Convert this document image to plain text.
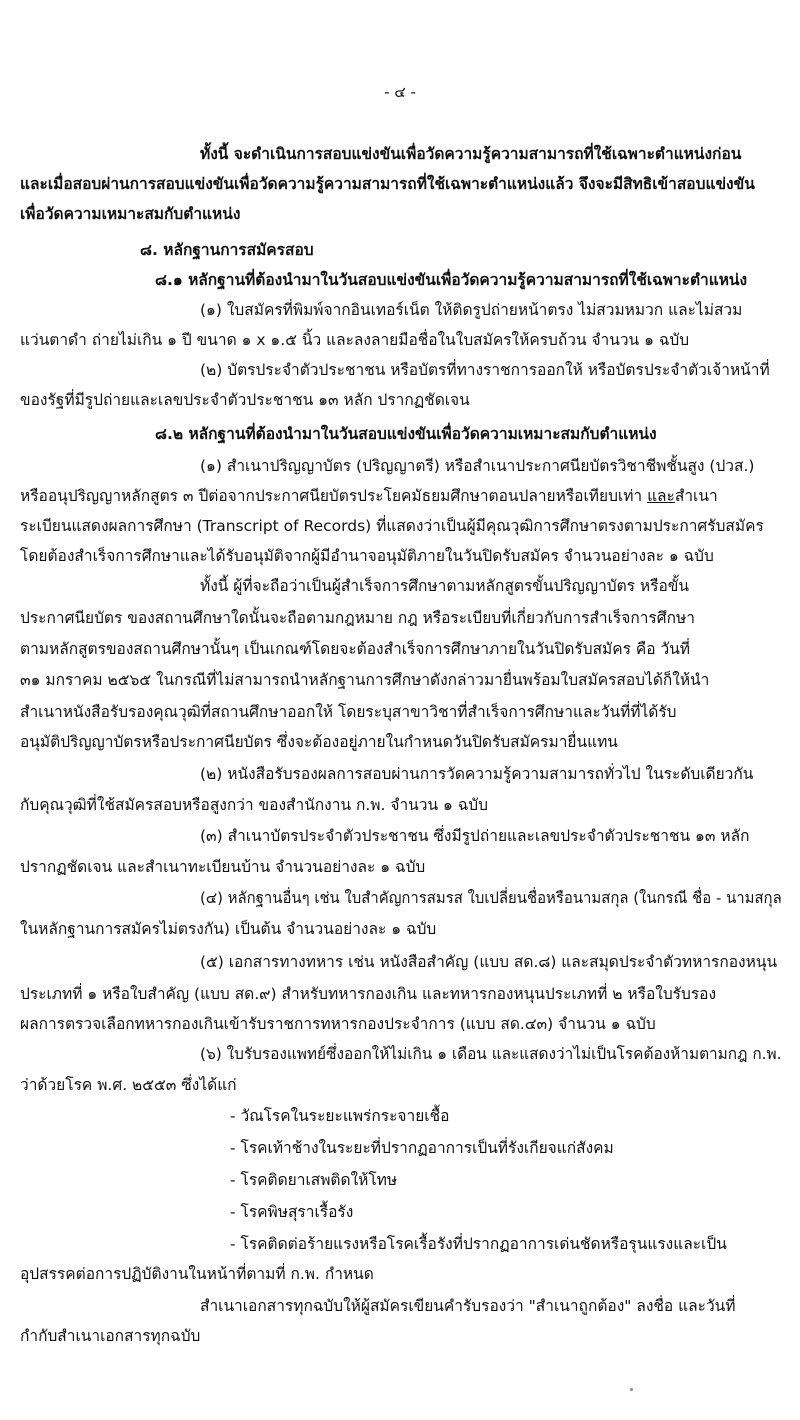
- ๔ -
ทั้งนี้ จะดำเนินการสอบแข่งขันเพื่อวัดความรู้ความสามารถที่ใช้เฉพาะตำแหน่งก่อน
และเมื่อสอบผ่านการสอบแข่งขันเพื่อวัดความรู้ความสามารถที่ใช้เฉพาะตำแหน่งแล้ว จึงจะมีสิทธิเข้าสอบแข่งขัน
เพื่อวัดความเหมาะสมกับตำแหน่ง
๘. หลักฐานการสมัครสอบ
๘.๑ หลักฐานที่ต้องนำมาในวันสอบแข่งขันเพื่อวัดความรู้ความสามารถที่ใช้เฉพาะตำแหน่ง
(๑) ใบสมัครที่พิมพ์จากอินเทอร์เน็ต ให้ติดรูปถ่ายหน้าตรง ไม่สวมหมวก และไม่สวม
แว่นตาดำ ถ่ายไม่เกิน ๑ ปี ขนาด ๑ x ๑.๕ นิ้ว และลงลายมือชื่อในใบสมัครให้ครบถ้วน จำนวน ๑ ฉบับ
(๒) บัตรประจำตัวประชาชน หรือบัตรที่ทางราชการออกให้ หรือบัตรประจำตัวเจ้าหน้าที่
ของรัฐที่มีรูปถ่ายและเลขประจำตัวประชาชน ๑๓ หลัก ปรากฏชัดเจน
๘.๒ หลักฐานที่ต้องนำมาในวันสอบแข่งขันเพื่อวัดความเหมาะสมกับตำแหน่ง
(๑) สำเนาปริญญาบัตร (ปริญญาตรี) หรือสำเนาประกาศนียบัตรวิชาชีพชั้นสูง (ปวส.)
หรืออนุปริญญาหลักสูตร ๓ ปีต่อจากประกาศนียบัตรประโยคมัธยมศึกษาตอนปลายหรือเทียบเท่า และสำเนา
ระเบียนแสดงผลการศึกษา (Transcript of Records) ที่แสดงว่าเป็นผู้มีคุณวุฒิการศึกษาตรงตามประกาศรับสมัคร
โดยต้องสำเร็จการศึกษาและได้รับอนุมัติจากผู้มีอำนาจอนุมัติภายในวันปิดรับสมัคร จำนวนอย่างละ ๑ ฉบับ
ทั้งนี้ ผู้ที่จะถือว่าเป็นผู้สำเร็จการศึกษาตามหลักสูตรขั้นปริญญาบัตร หรือขั้น
ประกาศนียบัตร ของสถานศึกษาใดนั้นจะถือตามกฎหมาย กฎ หรือระเบียบที่เกี่ยวกับการสำเร็จการศึกษา
ตามหลักสูตรของสถานศึกษานั้นๆ เป็นเกณฑ์โดยจะต้องสำเร็จการศึกษาภายในวันปิดรับสมัคร คือ วันที่
๓๑ มกราคม ๒๕๖๕ ในกรณีที่ไม่สามารถนำหลักฐานการศึกษาดังกล่าวมายื่นพร้อมใบสมัครสอบได้ก็ให้นำ
สำเนาหนังสือรับรองคุณวุฒิที่สถานศึกษาออกให้ โดยระบุสาขาวิชาที่สำเร็จการศึกษาและวันที่ที่ได้รับ
อนุมัติปริญญาบัตรหรือประกาศนียบัตร ซึ่งจะต้องอยู่ภายในกำหนดวันปิดรับสมัครมายื่นแทน
(๒) หนังสือรับรองผลการสอบผ่านการวัดความรู้ความสามารถทั่วไป ในระดับเดียวกัน
กับคุณวุฒิที่ใช้สมัครสอบหรือสูงกว่า ของสำนักงาน ก.พ. จำนวน ๑ ฉบับ
(๓) สำเนาบัตรประจำตัวประชาชน ซึ่งมีรูปถ่ายและเลขประจำตัวประชาชน ๑๓ หลัก
ปรากฏชัดเจน และสำเนาทะเบียนบ้าน จำนวนอย่างละ ๑ ฉบับ
(๔) หลักฐานอื่นๆ เช่น ใบสำคัญการสมรส ใบเปลี่ยนชื่อหรือนามสกุล (ในกรณี ชื่อ - นามสกุล
ในหลักฐานการสมัครไม่ตรงกัน) เป็นต้น จำนวนอย่างละ ๑ ฉบับ
(๕) เอกสารทางทหาร เช่น หนังสือสำคัญ (แบบ สด.๘) และสมุดประจำตัวทหารกองหนุน
ประเภทที่ ๑ หรือใบสำคัญ (แบบ สด.๙) สำหรับทหารกองเกิน และทหารกองหนุนประเภทที่ ๒ หรือใบรับรอง
ผลการตรวจเลือกทหารกองเกินเข้ารับราชการทหารกองประจำการ (แบบ สด.๔๓) จำนวน ๑ ฉบับ
(๖) ใบรับรองแพทย์ซึ่งออกให้ไม่เกิน ๑ เดือน และแสดงว่าไม่เป็นโรคต้องห้ามตามกฎ ก.พ.
ว่าด้วยโรค พ.ศ. ๒๕๕๓ ซึ่งได้แก่
- วัณโรคในระยะแพร่กระจายเชื้อ
- โรคเท้าช้างในระยะที่ปรากฏอาการเป็นที่รังเกียจแก่สังคม
- โรคติดยาเสพติดให้โทษ
- โรคพิษสุราเรื้อรัง
- โรคติดต่อร้ายแรงหรือโรคเรื้อรังที่ปรากฏอาการเด่นชัดหรือรุนแรงและเป็น
อุปสรรคต่อการปฏิบัติงานในหน้าที่ตามที่ ก.พ. กำหนด
สำเนาเอกสารทุกฉบับให้ผู้สมัครเขียนคำรับรองว่า "สำเนาถูกต้อง" ลงชื่อ และวันที่
กำกับสำเนาเอกสารทุกฉบับ
